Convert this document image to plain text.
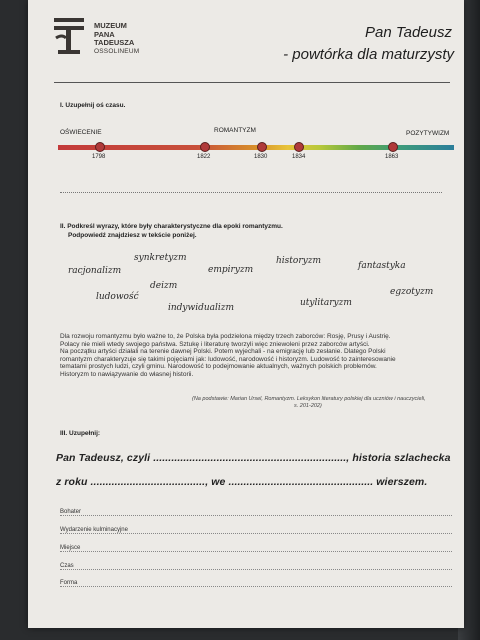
MUZEUM
PANA
TADEUSZA
OSSOLINEUM
Pan Tadeusz
- powtórka dla maturzysty
I. Uzupełnij oś czasu.
OŚWIECENIE	ROMANTYZM	POZYTYWIZM
1798	1822	1830	1834	1863
II. Podkreśl wyrazy, które były charakterystyczne dla epoki romantyzmu.
Podpowiedź znajdziesz w tekście poniżej.
synkretyzm
racjonalizm	empiryzm
historyzm	fantastyka
deizm
ludowość
indywidualizm	utylitaryzm
egzotyzm
Dla rozwoju romantyzmu było ważne to, że Polska była podzielona między trzech zaborców: Rosję, Prusy i Austrię.
Polacy nie mieli wtedy swojego państwa. Sztukę i literaturę tworzyli więc zniewoleni przez zaborców artyści.
Na początku artyści działali na terenie dawnej Polski. Potem wyjechali - na emigrację lub zesłanie. Dlatego Polski
romantyzm charakteryzuje się takimi pojęciami jak: ludowość, narodowość i historyzm. Ludowość to zainteresowanie
tematami prostych ludzi, czyli gminu. Narodowość to podejmowanie aktualnych, ważnych polskich problemów.
Historyzm to nawiązywanie do własnej historii.
(Na podstawie: Marian Ursel, Romantyzm. Leksykon literatury polskiej dla uczniów i nauczycieli,
s. 201-202)
III. Uzupełnij:
Pan Tadeusz, czyli ................................................................, historia szlachecka
z roku ......................................, we ................................................ wierszem.
Bohater
Wydarzenie kulminacyjne
Miejsce
Czas
Forma
